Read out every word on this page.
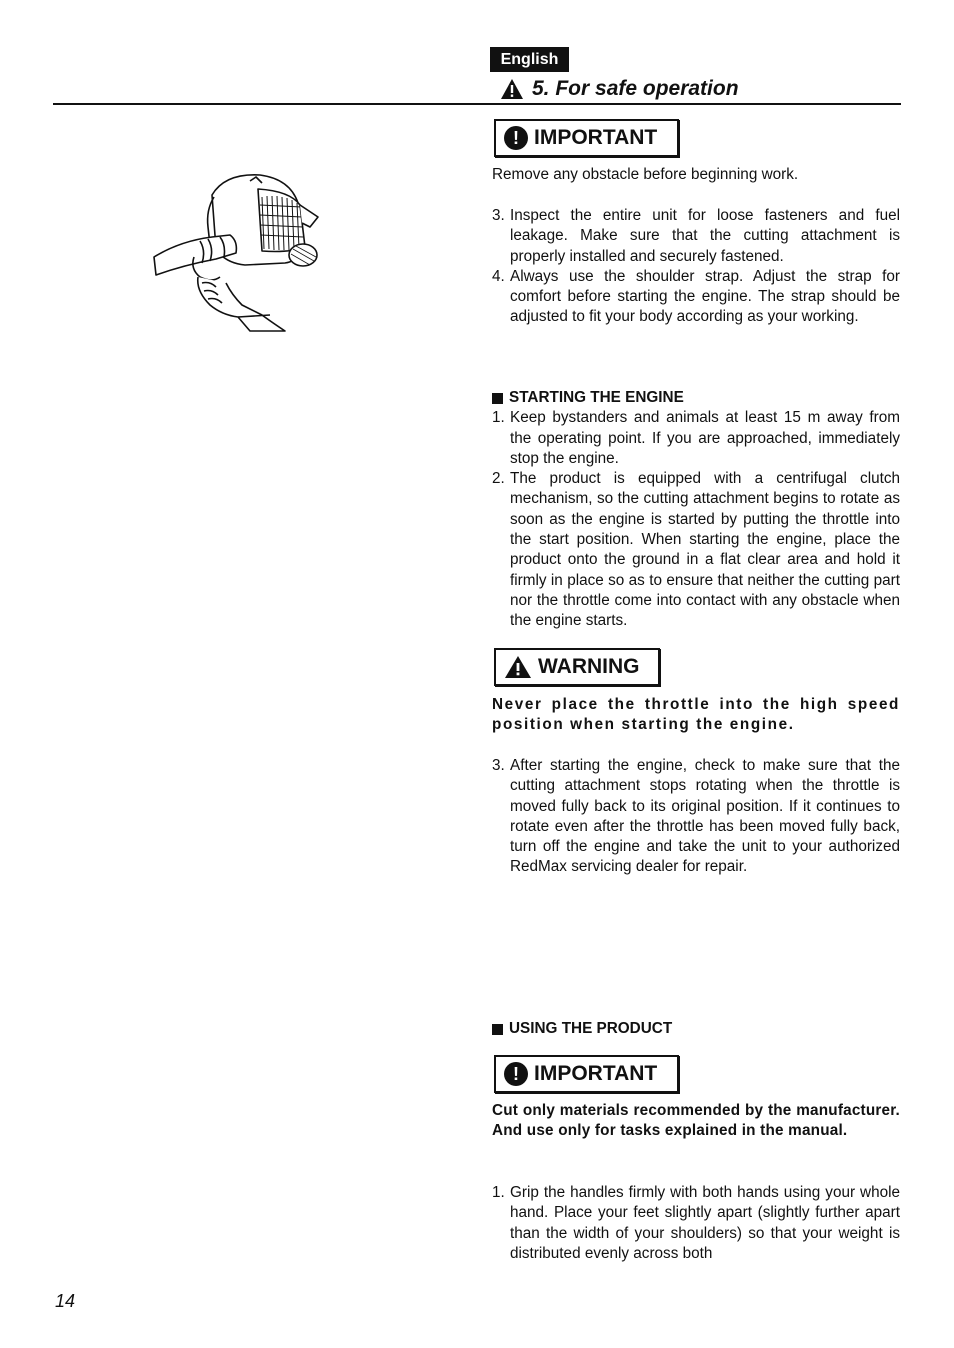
English
5. For safe operation
! IMPORTANT

Remove any obstacle before beginning work.

3. Inspect the entire unit for loose fasteners and fuel leakage. Make sure that the cutting attachment is properly installed and securely fastened.
4. Always use the shoulder strap. Adjust the strap for comfort before starting the engine. The strap should be adjusted to fit your body according as your working.
STARTING THE ENGINE
1. Keep bystanders and animals at least 15 m away from the operating point. If you are approached, immediately stop the engine.
2. The product is equipped with a centrifugal clutch mechanism, so the cutting attachment begins to rotate as soon as the engine is started by putting the throttle into the start position. When starting the engine, place the product onto the ground in a flat clear area and hold it firmly in place so as to ensure that neither the cutting part nor the throttle come into contact with any obstacle when the engine starts.
WARNING

Never place the throttle into the high speed position when starting the engine.

3. After starting the engine, check to make sure that the cutting attachment stops rotating when the throttle is moved fully back to its original position. If it continues to rotate even after the throttle has been moved fully back, turn off the engine and take the unit to your authorized RedMax servicing dealer for repair.
USING THE PRODUCT
! IMPORTANT

Cut only materials recommended by the manufacturer. And use only for tasks explained in the manual.

1. Grip the handles firmly with both hands using your whole hand. Place your feet slightly apart (slightly further apart than the width of your shoulders) so that your weight is distributed evenly across both
14
